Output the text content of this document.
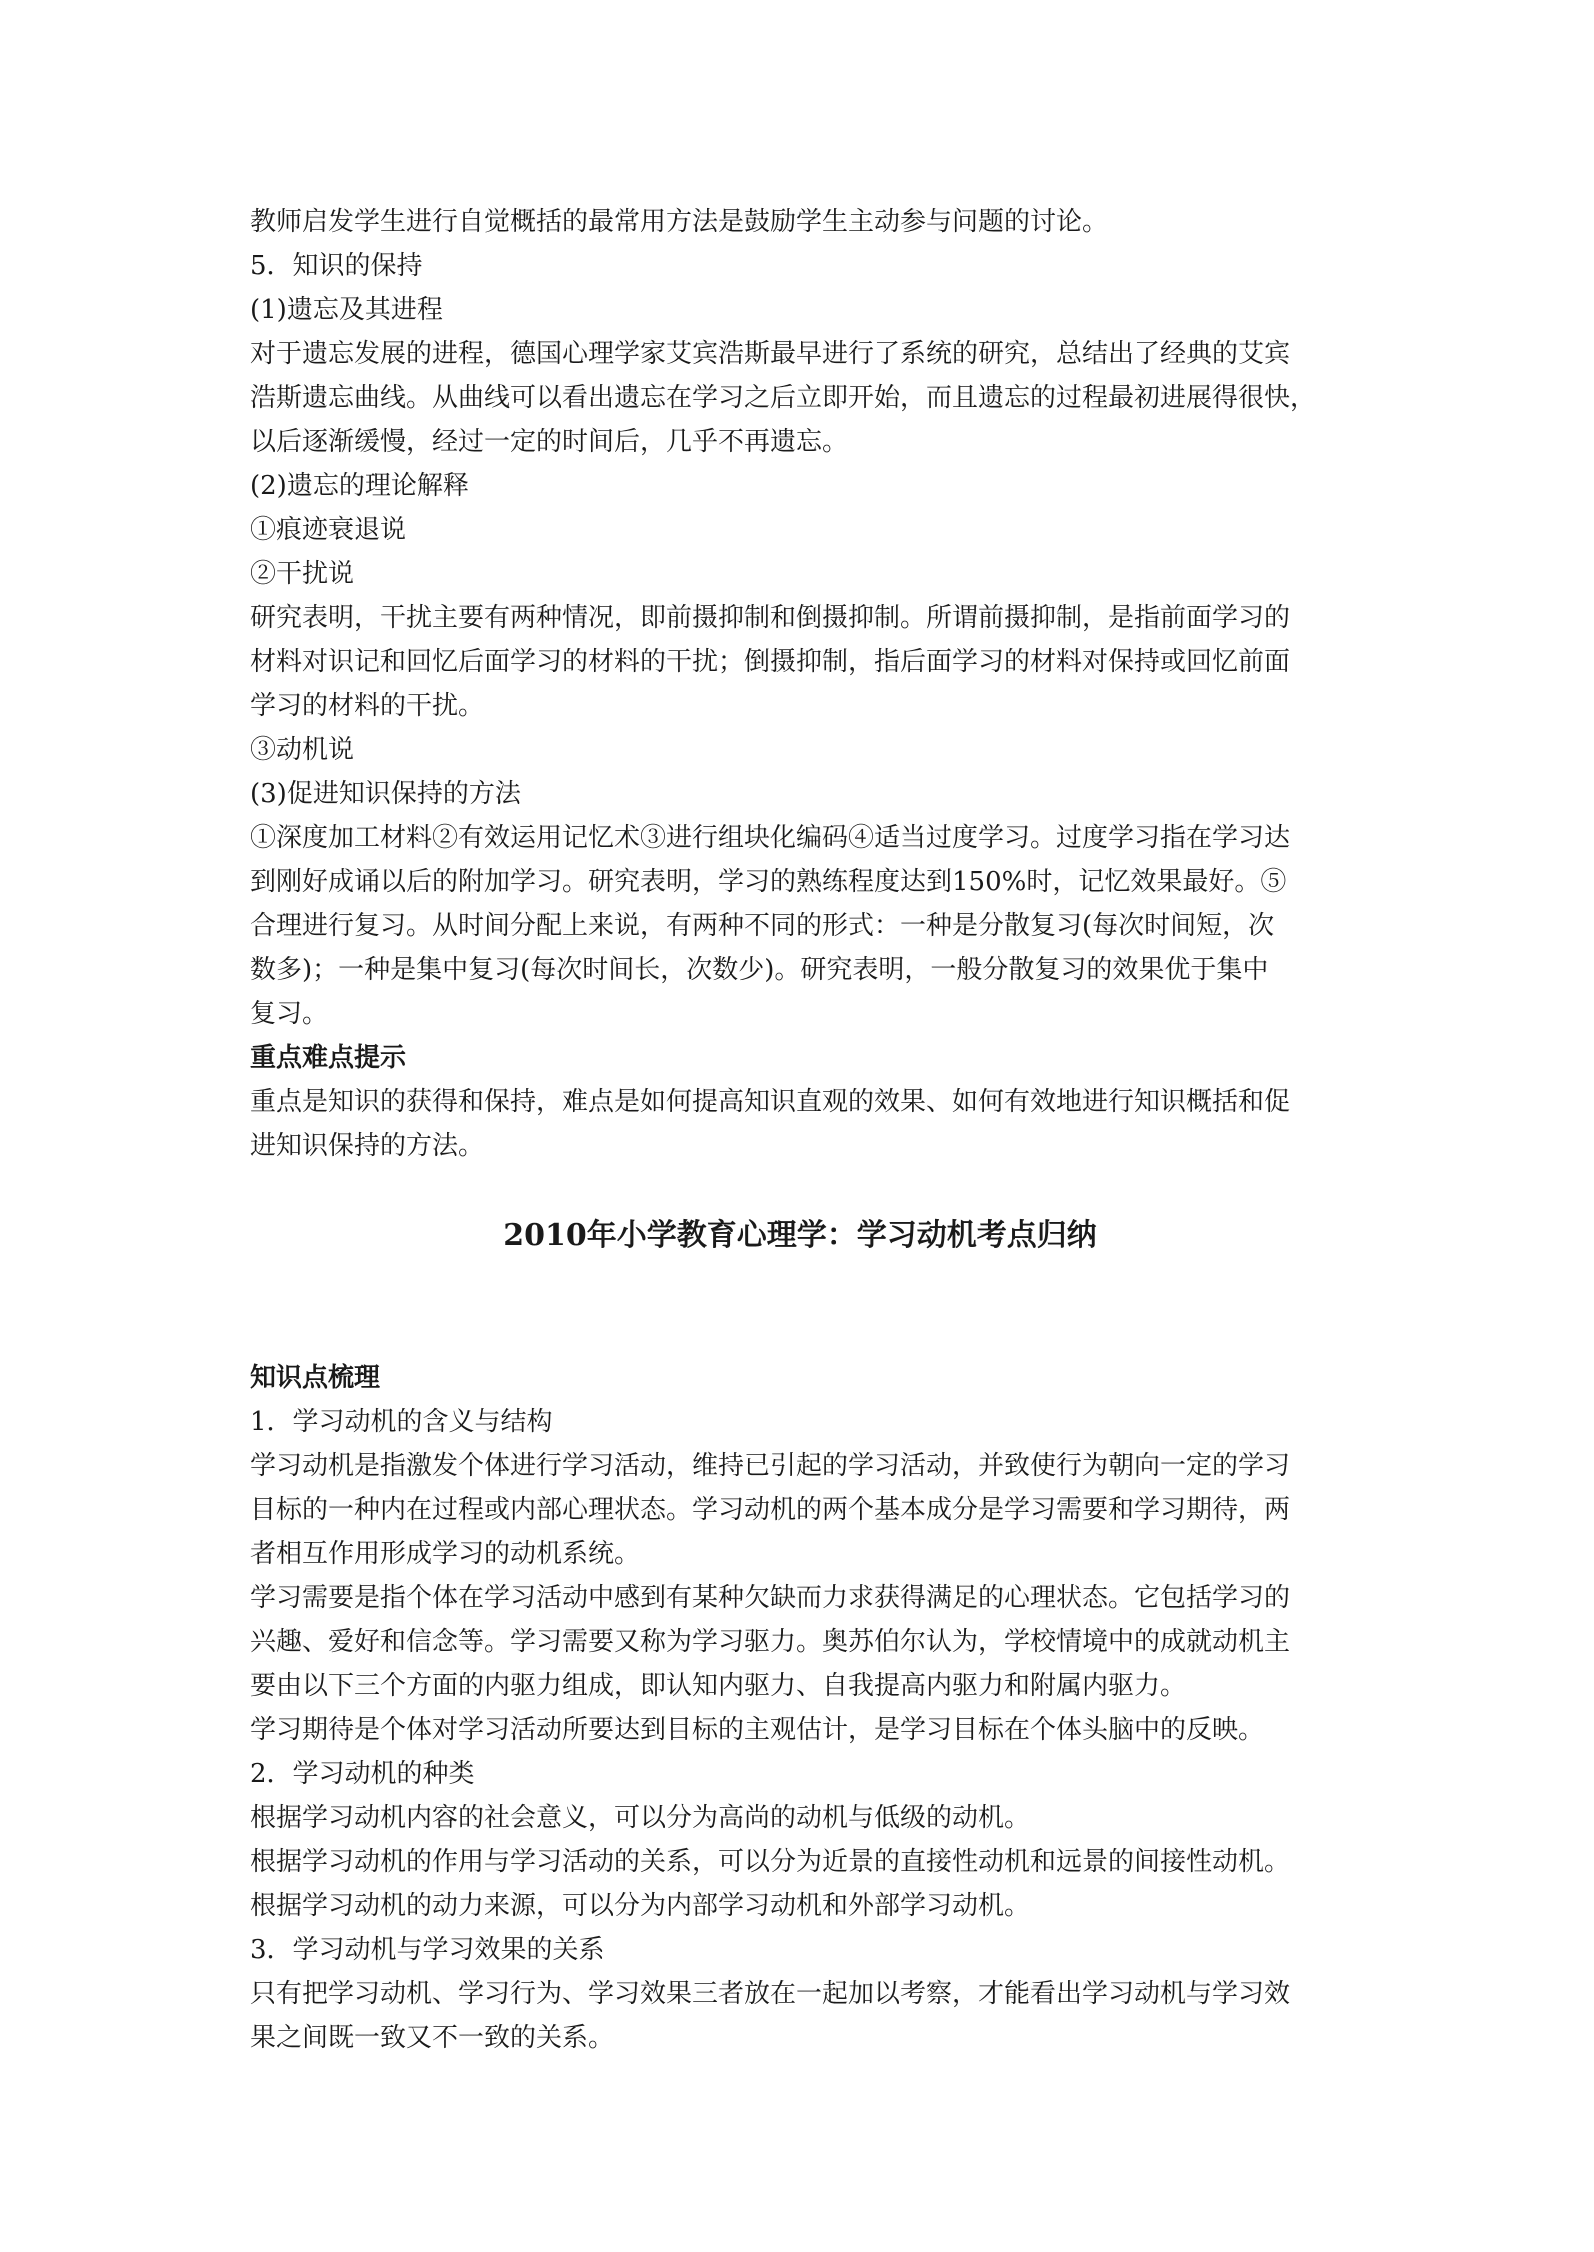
教师启发学生进行自觉概括的最常用方法是鼓励学生主动参与问题的讨论。

5．知识的保持

(1)遗忘及其进程

对于遗忘发展的进程，德国心理学家艾宾浩斯最早进行了系统的研究，总结出了经典的艾宾

浩斯遗忘曲线。从曲线可以看出遗忘在学习之后立即开始，而且遗忘的过程最初进展得很快，

以后逐渐缓慢，经过一定的时间后，几乎不再遗忘。

(2)遗忘的理论解释

①痕迹衰退说

②干扰说

研究表明，干扰主要有两种情况，即前摄抑制和倒摄抑制。所谓前摄抑制，是指前面学习的

材料对识记和回忆后面学习的材料的干扰；倒摄抑制，指后面学习的材料对保持或回忆前面

学习的材料的干扰。

③动机说

(3)促进知识保持的方法

①深度加工材料②有效运用记忆术③进行组块化编码④适当过度学习。过度学习指在学习达

到刚好成诵以后的附加学习。研究表明，学习的熟练程度达到150%时，记忆效果最好。⑤

合理进行复习。从时间分配上来说，有两种不同的形式：一种是分散复习(每次时间短，次

数多)；一种是集中复习(每次时间长，次数少)。研究表明，一般分散复习的效果优于集中

复习。

重点难点提示

重点是知识的获得和保持，难点是如何提高知识直观的效果、如何有效地进行知识概括和促

进知识保持的方法。

2010年小学教育心理学：学习动机考点归纳

知识点梳理

1．学习动机的含义与结构

学习动机是指激发个体进行学习活动，维持已引起的学习活动，并致使行为朝向一定的学习

目标的一种内在过程或内部心理状态。学习动机的两个基本成分是学习需要和学习期待，两

者相互作用形成学习的动机系统。

学习需要是指个体在学习活动中感到有某种欠缺而力求获得满足的心理状态。它包括学习的

兴趣、爱好和信念等。学习需要又称为学习驱力。奥苏伯尔认为，学校情境中的成就动机主

要由以下三个方面的内驱力组成，即认知内驱力、自我提高内驱力和附属内驱力。

学习期待是个体对学习活动所要达到目标的主观估计，是学习目标在个体头脑中的反映。

2．学习动机的种类

根据学习动机内容的社会意义，可以分为高尚的动机与低级的动机。

根据学习动机的作用与学习活动的关系，可以分为近景的直接性动机和远景的间接性动机。

根据学习动机的动力来源，可以分为内部学习动机和外部学习动机。

3．学习动机与学习效果的关系

只有把学习动机、学习行为、学习效果三者放在一起加以考察，才能看出学习动机与学习效

果之间既一致又不一致的关系。
